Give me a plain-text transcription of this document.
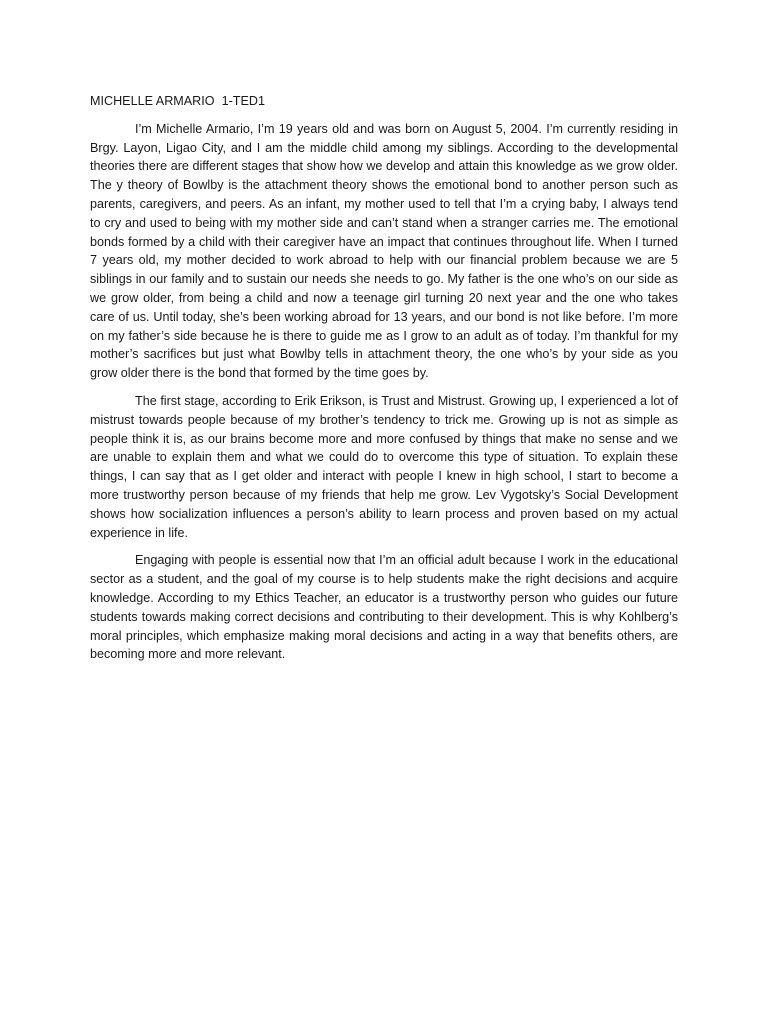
MICHELLE ARMARIO  1-TED1

I’m Michelle Armario, I’m 19 years old and was born on August 5, 2004. I’m currently residing in Brgy. Layon, Ligao City, and I am the middle child among my siblings. According to the developmental theories there are different stages that show how we develop and attain this knowledge as we grow older. The y theory of Bowlby is the attachment theory shows the emotional bond to another person such as parents, caregivers, and peers. As an infant, my mother used to tell that I’m a crying baby, I always tend to cry and used to being with my mother side and can’t stand when a stranger carries me. The emotional bonds formed by a child with their caregiver have an impact that continues throughout life. When I turned 7 years old, my mother decided to work abroad to help with our financial problem because we are 5 siblings in our family and to sustain our needs she needs to go. My father is the one who’s on our side as we grow older, from being a child and now a teenage girl turning 20 next year and the one who takes care of us. Until today, she’s been working abroad for 13 years, and our bond is not like before. I’m more on my father’s side because he is there to guide me as I grow to an adult as of today. I’m thankful for my mother’s sacrifices but just what Bowlby tells in attachment theory, the one who’s by your side as you grow older there is the bond that formed by the time goes by.

The first stage, according to Erik Erikson, is Trust and Mistrust. Growing up, I experienced a lot of mistrust towards people because of my brother’s tendency to trick me. Growing up is not as simple as people think it is, as our brains become more and more confused by things that make no sense and we are unable to explain them and what we could do to overcome this type of situation. To explain these things, I can say that as I get older and interact with people I knew in high school, I start to become a more trustworthy person because of my friends that help me grow. Lev Vygotsky’s Social Development shows how socialization influences a person’s ability to learn process and proven based on my actual experience in life.

Engaging with people is essential now that I’m an official adult because I work in the educational sector as a student, and the goal of my course is to help students make the right decisions and acquire knowledge. According to my Ethics Teacher, an educator is a trustworthy person who guides our future students towards making correct decisions and contributing to their development. This is why Kohlberg’s moral principles, which emphasize making moral decisions and acting in a way that benefits others, are becoming more and more relevant.
